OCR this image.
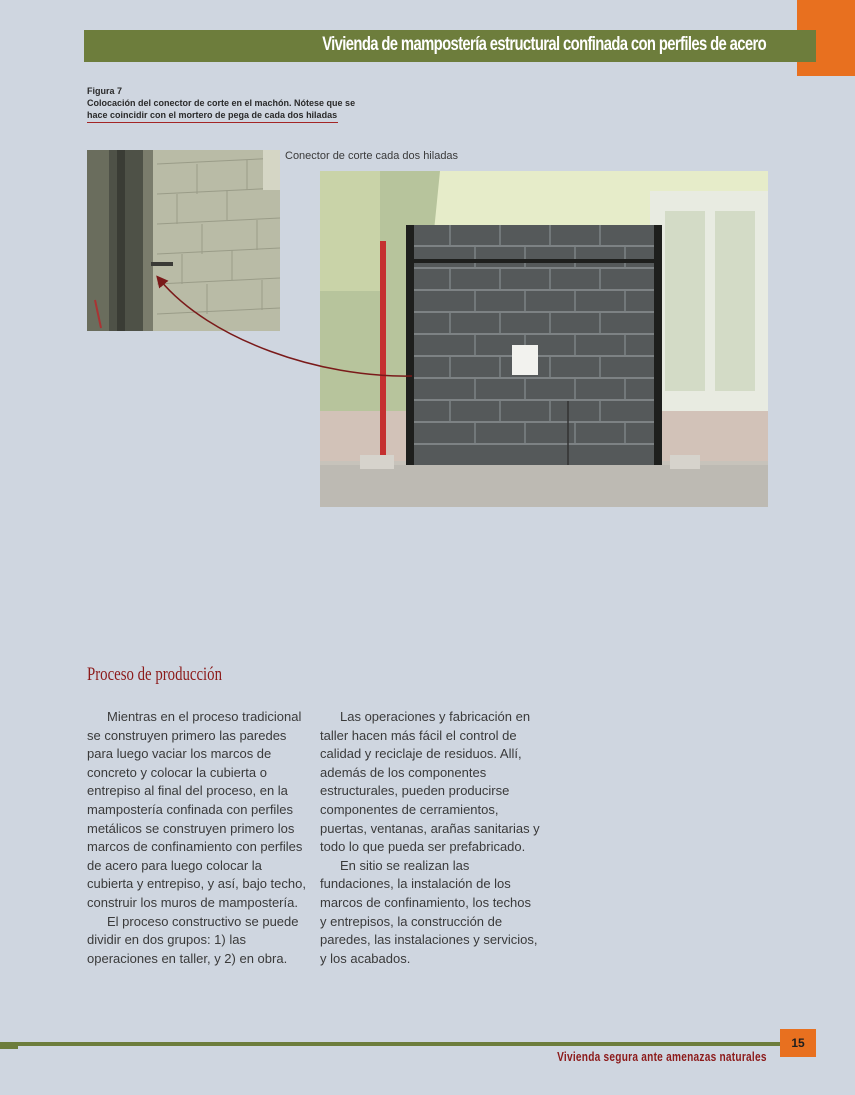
Vivienda de mampostería estructural confinada con perfiles de acero
Figura 7
Colocación del conector de corte en el machón. Nótese que se
hace coincidir con el mortero de pega de cada dos hiladas
Conector de corte cada dos hiladas
Proceso de producción

Mientras en el proceso tradicional se construyen primero las paredes para luego vaciar los marcos de concreto y colocar la cubierta o entrepiso al final del proceso, en la mampostería confinada con perfiles metálicos se construyen primero los marcos de confinamiento con perfiles de acero para luego colocar la cubierta y entrepiso, y así, bajo techo, construir los muros de mampostería.

El proceso constructivo se puede dividir en dos grupos: 1) las operaciones en taller, y 2) en obra.

Las operaciones y fabricación en taller hacen más fácil el control de calidad y reciclaje de residuos. Allí, además de los componentes estructurales, pueden producirse componentes de cerramientos, puertas, ventanas, arañas sanitarias y todo lo que pueda ser prefabricado.

En sitio se realizan las fundaciones, la instalación de los marcos de confinamiento, los techos y entrepisos, la construcción de paredes, las instalaciones y servicios, y los acabados.

15
Vivienda segura ante amenazas naturales
